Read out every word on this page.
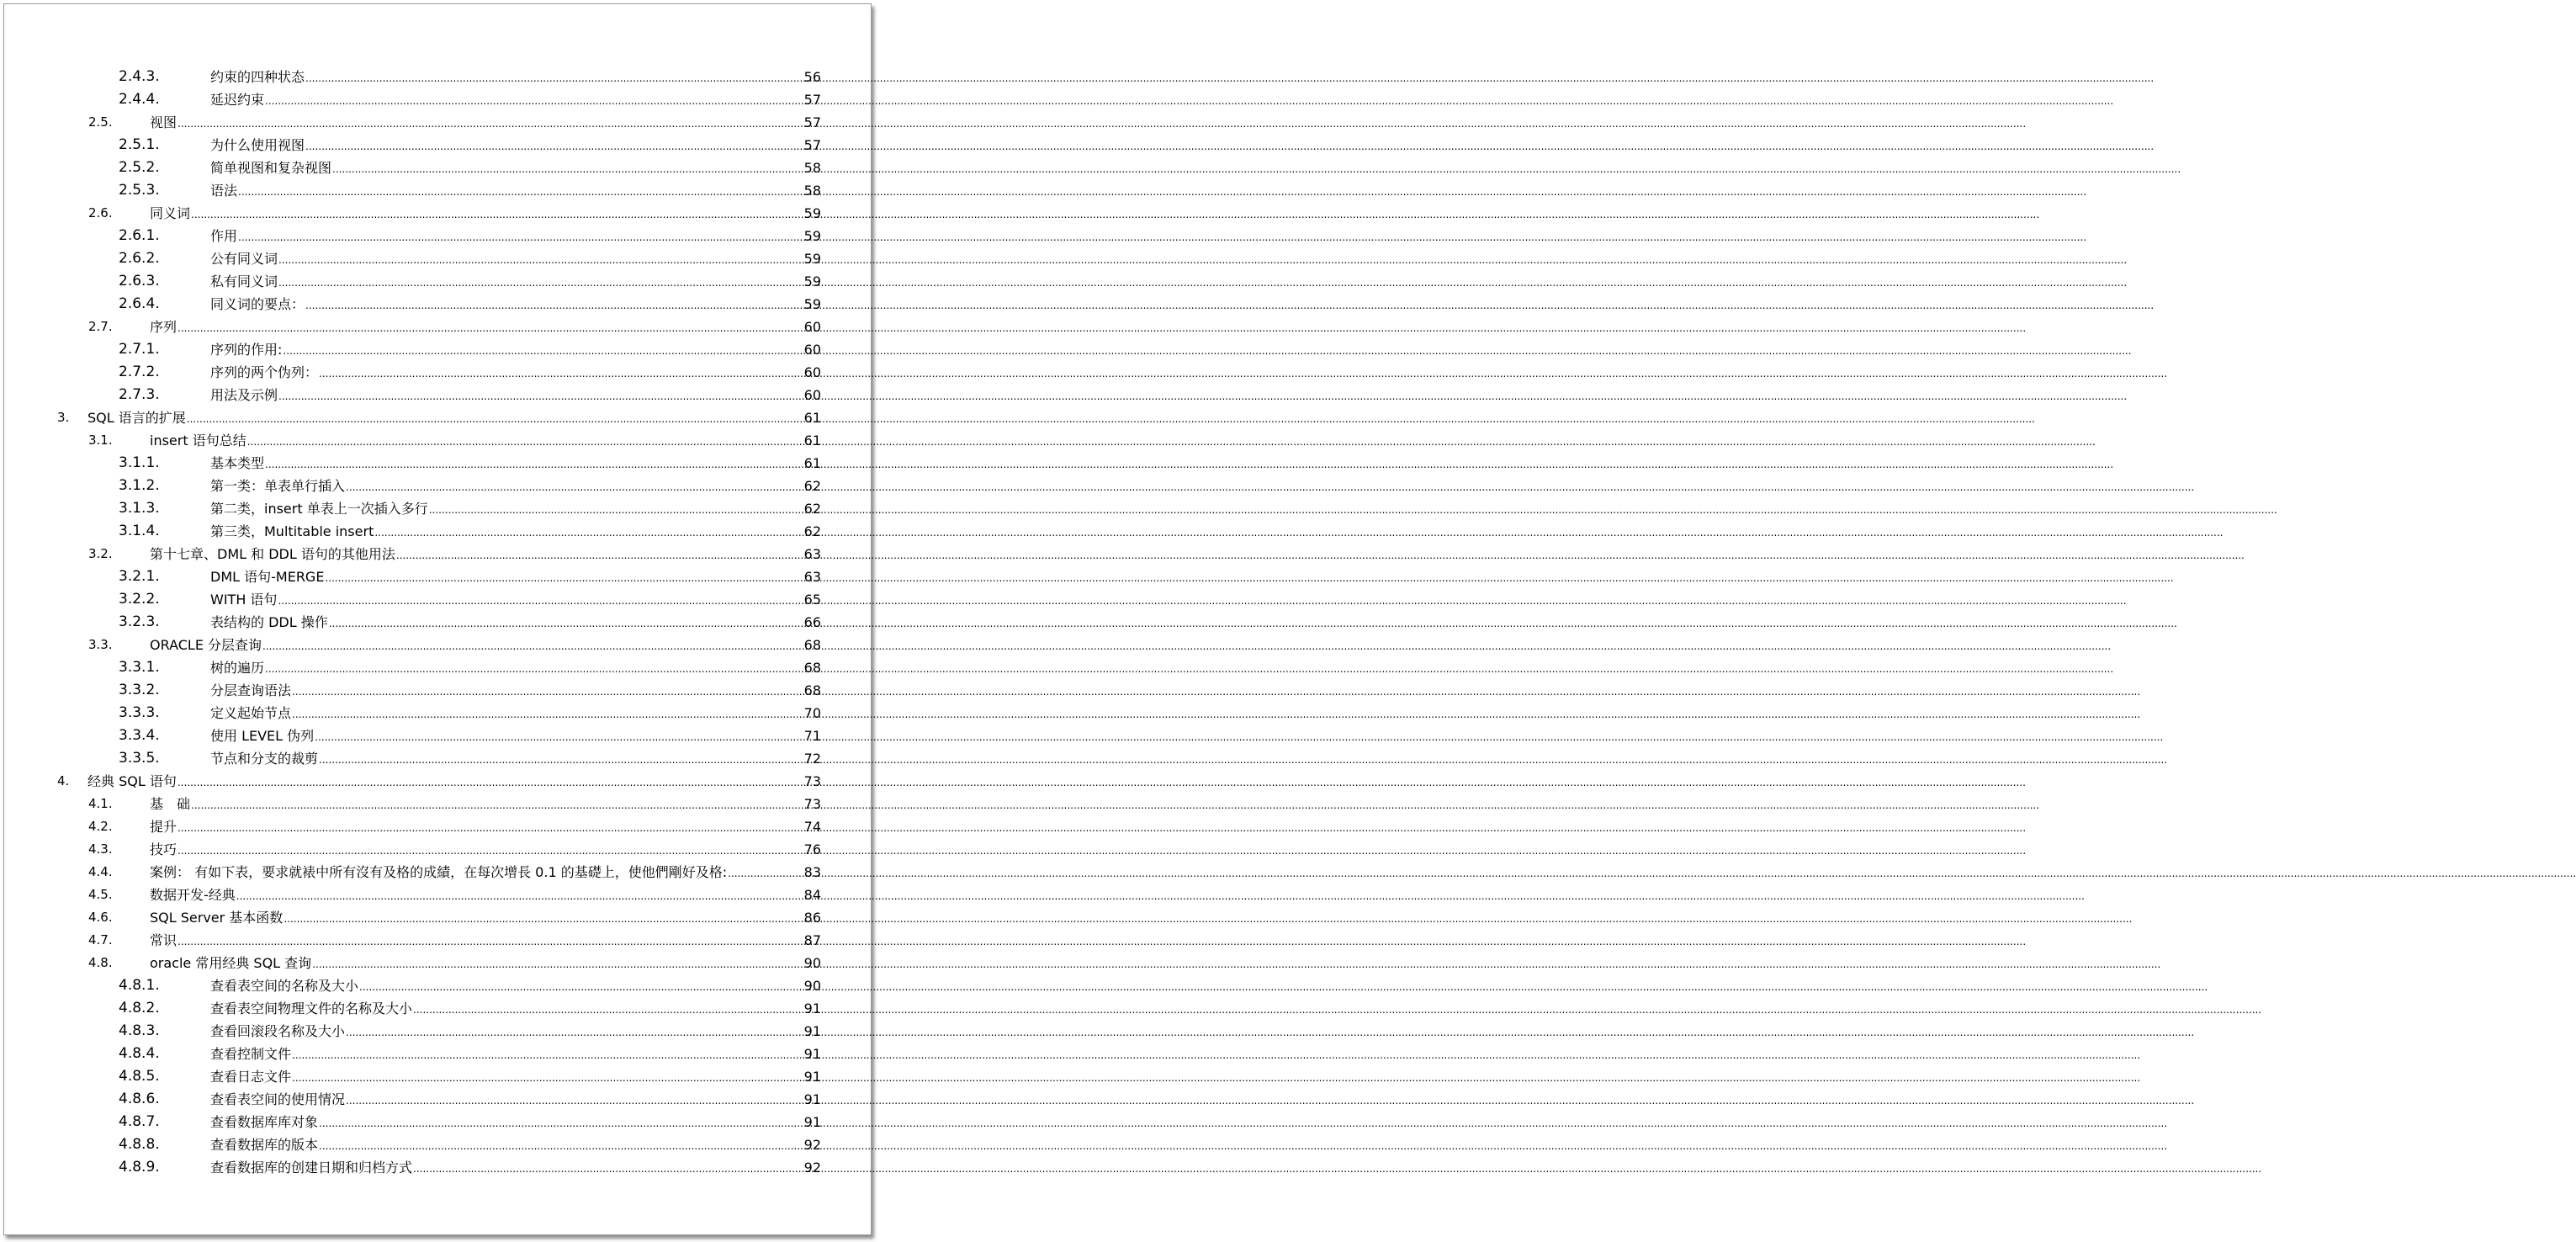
2.4.3.	约束的四种状态 .....	56
2.4.4.	延迟约束 .....	57
2.5.	视图 .....	57
2.5.1.	为什么使用视图 .....	57
2.5.2.	简单视图和复杂视图 .....	58
2.5.3.	语法 .....	58
2.6.	同义词 .....	59
2.6.1.	作用 .....	59
2.6.2.	公有同义词 .....	59
2.6.3.	私有同义词 .....	59
2.6.4.	同义词的要点： .....	59
2.7.	序列 .....	60
2.7.1.	序列的作用: .....	60
2.7.2.	序列的两个伪列： .....	60
2.7.3.	用法及示例 .....	60
3. SQL 语言的扩展 .....	61
3.1.	insert 语句总结 .....	61
3.1.1.	基本类型 .....	61
3.1.2.	第一类：单表单行插入 .....	62
3.1.3.	第二类，insert 单表上一次插入多行 .....	62
3.1.4.	第三类，Multitable insert .....	62
3.2.	第十七章、DML 和 DDL 语句的其他用法 .....	63
3.2.1.	DML 语句-MERGE .....	63
3.2.2.	WITH 语句 .....	65
3.2.3.	表结构的 DDL 操作 .....	66
3.3.	ORACLE 分层查询 .....	68
3.3.1.	树的遍历 .....	68
3.3.2.	分层查询语法 .....	68
3.3.3.	定义起始节点 .....	70
3.3.4.	使用 LEVEL 伪列 .....	71
3.3.5.	节点和分支的裁剪 .....	72
4. 经典 SQL 语句 .....	73
4.1.	基　础 .....	73
4.2.	提升 .....	74
4.3.	技巧 .....	76
4.4.	案例： 有如下表，要求就裱中所有沒有及格的成績，在每次增長 0.1 的基礎上，使他們剛好及格: .....	83
4.5.	数据开发-经典 .....	84
4.6.	SQL Server 基本函数 .....	86
4.7.	常识 .....	87
4.8.	oracle 常用经典 SQL 查询 .....	90
4.8.1.	查看表空间的名称及大小 .....	90
4.8.2.	查看表空间物理文件的名称及大小 .....	91
4.8.3.	查看回滚段名称及大小 .....	91
4.8.4.	查看控制文件 .....	91
4.8.5.	查看日志文件 .....	91
4.8.6.	查看表空间的使用情况 .....	91
4.8.7.	查看数据库库对象 .....	91
4.8.8.	查看数据库的版本 .....	92
4.8.9.	查看数据库的创建日期和归档方式 .....	92
